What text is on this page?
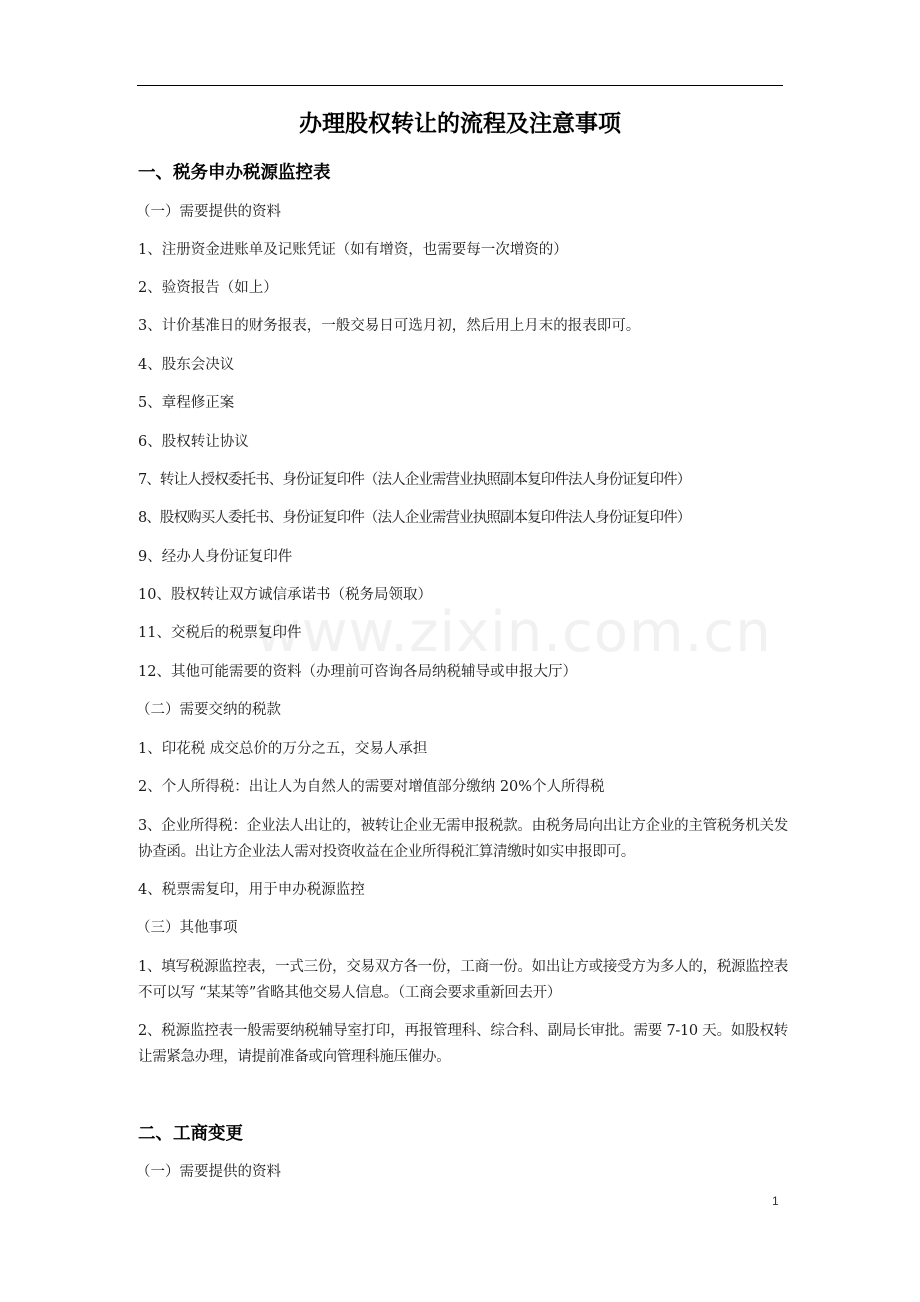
www.zixin.com.cn
办理股权转让的流程及注意事项
一、税务申办税源监控表
（一）需要提供的资料
1、注册资金进账单及记账凭证（如有增资，也需要每一次增资的）
2、验资报告（如上）
3、计价基准日的财务报表，一般交易日可选月初，然后用上月末的报表即可。
4、股东会决议
5、章程修正案
6、股权转让协议
7、转让人授权委托书、身份证复印件（法人企业需营业执照副本复印件法人身份证复印件）
8、股权购买人委托书、身份证复印件（法人企业需营业执照副本复印件法人身份证复印件）
9、经办人身份证复印件
10、股权转让双方诚信承诺书（税务局领取）
11、交税后的税票复印件
12、其他可能需要的资料（办理前可咨询各局纳税辅导或申报大厅）
（二）需要交纳的税款
1、印花税 成交总价的万分之五，交易人承担
2、个人所得税：出让人为自然人的需要对增值部分缴纳 20%个人所得税
3、企业所得税：企业法人出让的，被转让企业无需申报税款。由税务局向出让方企业的主管税务机关发协查函。出让方企业法人需对投资收益在企业所得税汇算清缴时如实申报即可。
4、税票需复印，用于申办税源监控
（三）其他事项
1、填写税源监控表，一式三份，交易双方各一份，工商一份。如出让方或接受方为多人的，税源监控表不可以写 “某某等”省略其他交易人信息。（工商会要求重新回去开）
2、税源监控表一般需要纳税辅导室打印，再报管理科、综合科、副局长审批。需要 7-10 天。如股权转让需紧急办理，请提前准备或向管理科施压催办。
二、工商变更
（一）需要提供的资料
1
